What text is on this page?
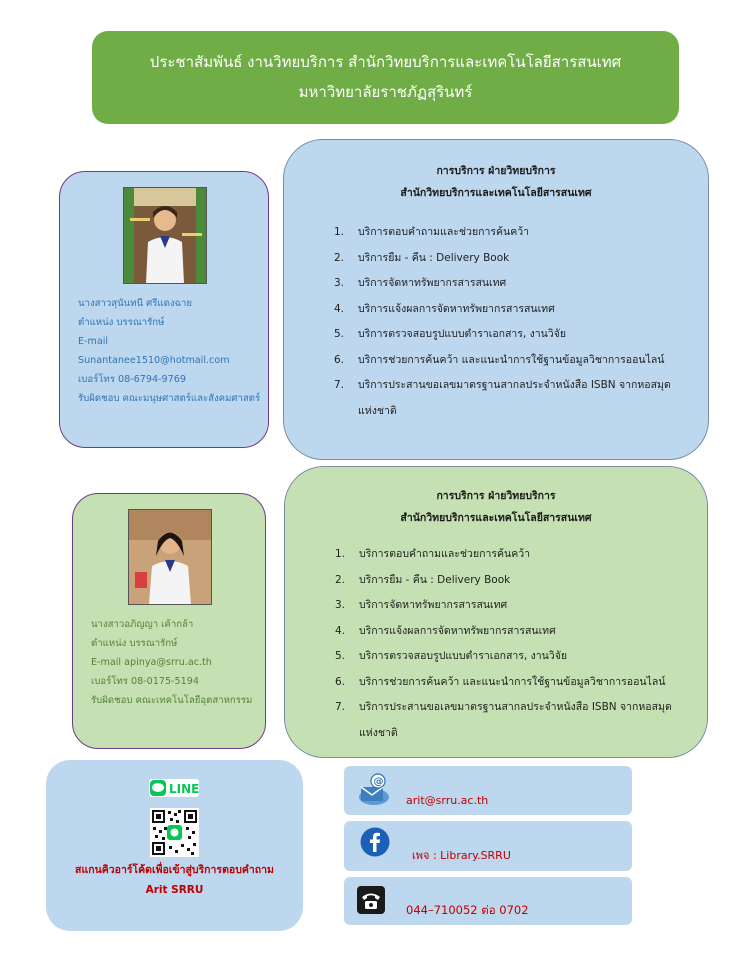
ประชาสัมพันธ์ งานวิทยบริการ สำนักวิทยบริการและเทคโนโลยีสารสนเทศ
มหาวิทยาลัยราชภัฏสุรินทร์
นางสาวสุนันทนี ศรีแดงฉาย
ตำแหน่ง บรรณารักษ์
E-mail
Sunantanee1510@hotmail.com
เบอร์โทร 08-6794-9769
รับผิดชอบ คณะมนุษศาสตร์และสังคมศาสตร์
การบริการ ฝ่ายวิทยบริการ
สำนักวิทยบริการและเทคโนโลยีสารสนเทศ
1. บริการตอบคำถามและช่วยการค้นคว้า
2. บริการยืม - คืน : Delivery Book
3. บริการจัดหาทรัพยากรสารสนเทศ
4. บริการแจ้งผลการจัดหาทรัพยากรสารสนเทศ
5. บริการตรวจสอบรูปแบบตำราเอกสาร, งานวิจัย
6. บริการช่วยการค้นคว้า และแนะนำการใช้ฐานข้อมูลวิชาการออนไลน์
7. บริการประสานขอเลขมาตรฐานสากลประจำหนังสือ ISBN จากหอสมุด
แห่งชาติ
นางสาวอภิญญา เค้ากล้า
ตำแหน่ง บรรณารักษ์
E-mail apinya@srru.ac.th
เบอร์โทร 08-0175-5194
รับผิดชอบ คณะเทคโนโลยีอุตสาหกรรม
การบริการ ฝ่ายวิทยบริการ
สำนักวิทยบริการและเทคโนโลยีสารสนเทศ
1. บริการตอบคำถามและช่วยการค้นคว้า
2. บริการยืม - คืน : Delivery Book
3. บริการจัดหาทรัพยากรสารสนเทศ
4. บริการแจ้งผลการจัดหาทรัพยากรสารสนเทศ
5. บริการตรวจสอบรูปแบบตำราเอกสาร, งานวิจัย
6. บริการช่วยการค้นคว้า และแนะนำการใช้ฐานข้อมูลวิชาการออนไลน์
7. บริการประสานขอเลขมาตรฐานสากลประจำหนังสือ ISBN จากหอสมุด
แห่งชาติ
LINE
สแกนคิวอาร์โค้ดเพื่อเข้าสู่บริการตอบคำถาม
Arit SRRU
@
arit@srru.ac.th
เพจ : Library.SRRU
044–710052 ต่อ 0702
